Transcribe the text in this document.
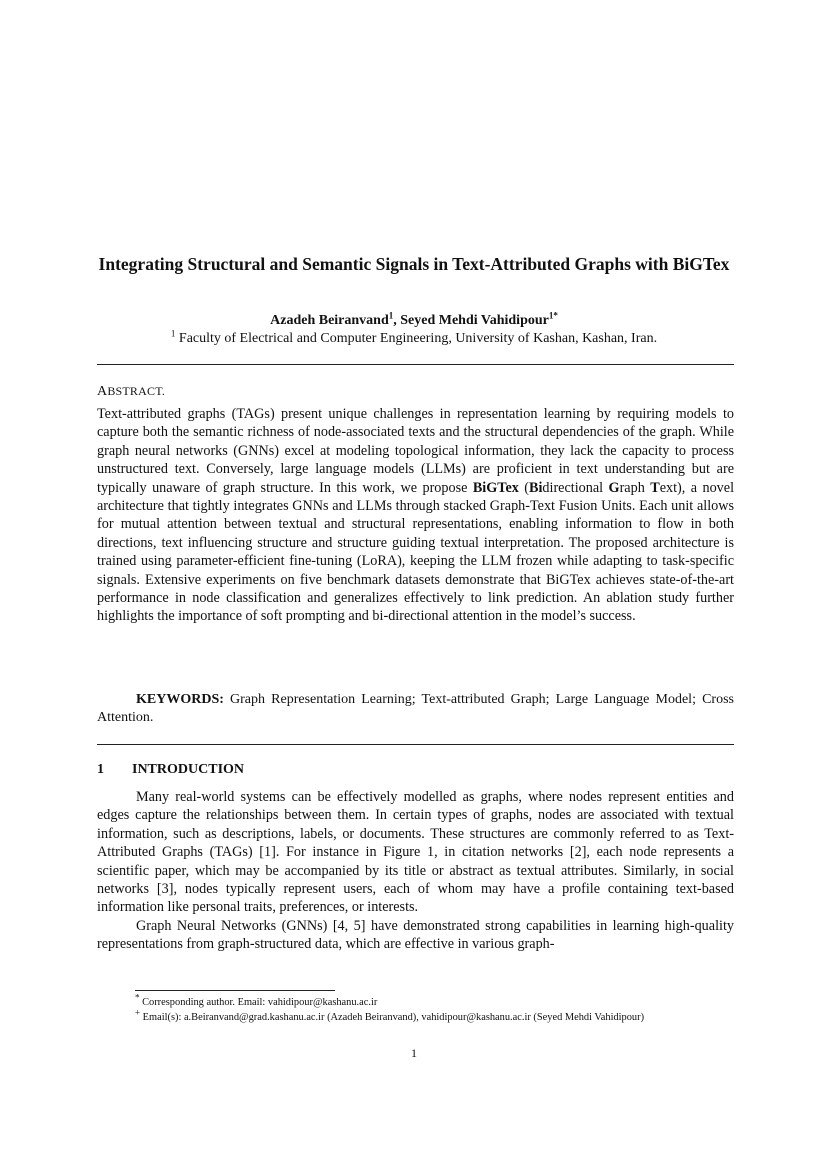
Integrating Structural and Semantic Signals in Text-Attributed Graphs with BiGTex
Azadeh Beiranvand$^1$, Seyed Mehdi Vahidipour$^{1*}$
$^1$ Faculty of Electrical and Computer Engineering, University of Kashan, Kashan, Iran.
ABSTRACT.
Text-attributed graphs (TAGs) present unique challenges in representation learning by requiring models to capture both the semantic richness of node-associated texts and the structural dependencies of the graph. While graph neural networks (GNNs) excel at modeling topological information, they lack the capacity to process unstructured text. Conversely, large language models (LLMs) are proficient in text understanding but are typically unaware of graph structure. In this work, we propose BiGTex (Bidirectional Graph Text), a novel architecture that tightly integrates GNNs and LLMs through stacked Graph-Text Fusion Units. Each unit allows for mutual attention between textual and structural representations, enabling information to flow in both directions, text influencing structure and structure guiding textual interpretation. The proposed architecture is trained using parameter-efficient fine-tuning (LoRA), keeping the LLM frozen while adapting to task-specific signals. Extensive experiments on five benchmark datasets demonstrate that BiGTex achieves state-of-the-art performance in node classification and generalizes effectively to link prediction. An ablation study further highlights the importance of soft prompting and bi-directional attention in the model’s success.
KEYWORDS: Graph Representation Learning; Text-attributed Graph; Large Language Model; Cross Attention.
1 INTRODUCTION

Many real-world systems can be effectively modelled as graphs, where nodes represent entities and edges capture the relationships between them. In certain types of graphs, nodes are associated with textual information, such as descriptions, labels, or documents. These structures are commonly referred to as Text-Attributed Graphs (TAGs) [1]. For instance in Figure 1, in citation networks [2], each node represents a scientific paper, which may be accompanied by its title or abstract as textual attributes. Similarly, in social networks [3], nodes typically represent users, each of whom may have a profile containing text-based information like personal traits, preferences, or interests.

Graph Neural Networks (GNNs) [4, 5] have demonstrated strong capabilities in learning high-quality representations from graph-structured data, which are effective in various graph-

* Corresponding author. Email: vahidipour@kashanu.ac.ir
+ Email(s): a.Beiranvand@grad.kashanu.ac.ir (Azadeh Beiranvand), vahidipour@kashanu.ac.ir (Seyed Mehdi Vahidipour)
1
